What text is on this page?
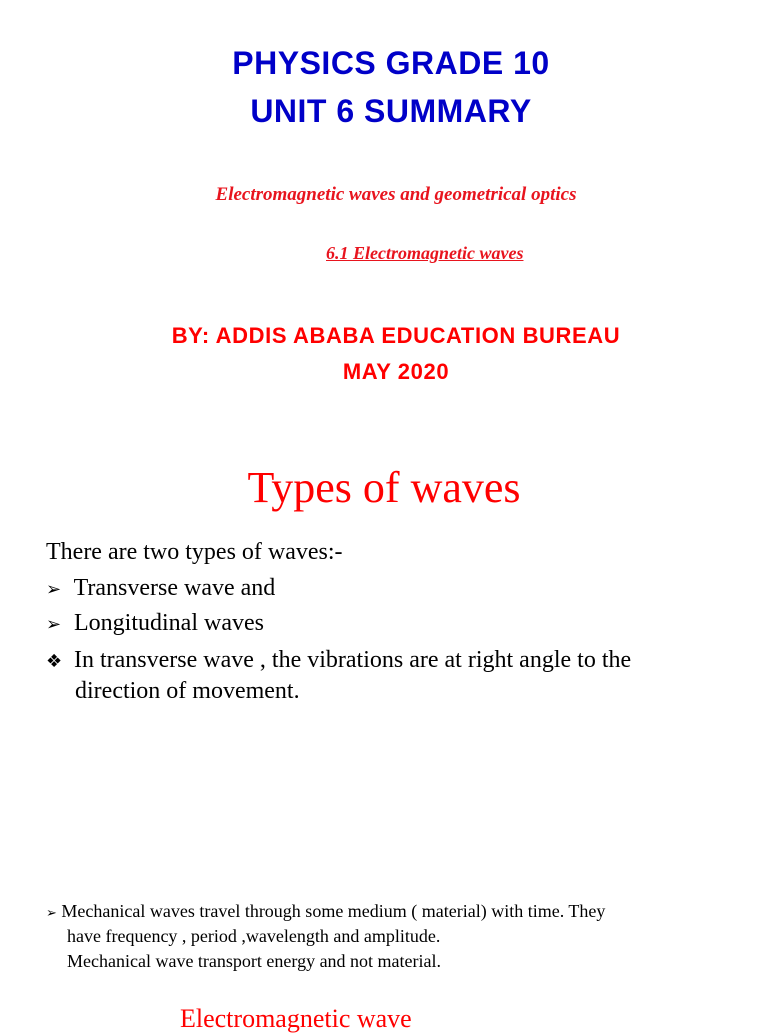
PHYSICS GRADE 10
UNIT 6 SUMMARY
Electromagnetic waves and geometrical optics
6.1 Electromagnetic waves
BY: ADDIS ABABA EDUCATION BUREAU
MAY 2020
Types of waves
There are two types of waves:-
➢ Transverse wave and
➢ Longitudinal waves
❖ In transverse wave , the vibrations are at right angle to the
direction of movement.
➢ Mechanical waves travel through some medium ( material) with time. They
have frequency , period ,wavelength and amplitude.
Mechanical wave transport energy and not material.
Electromagnetic wave
